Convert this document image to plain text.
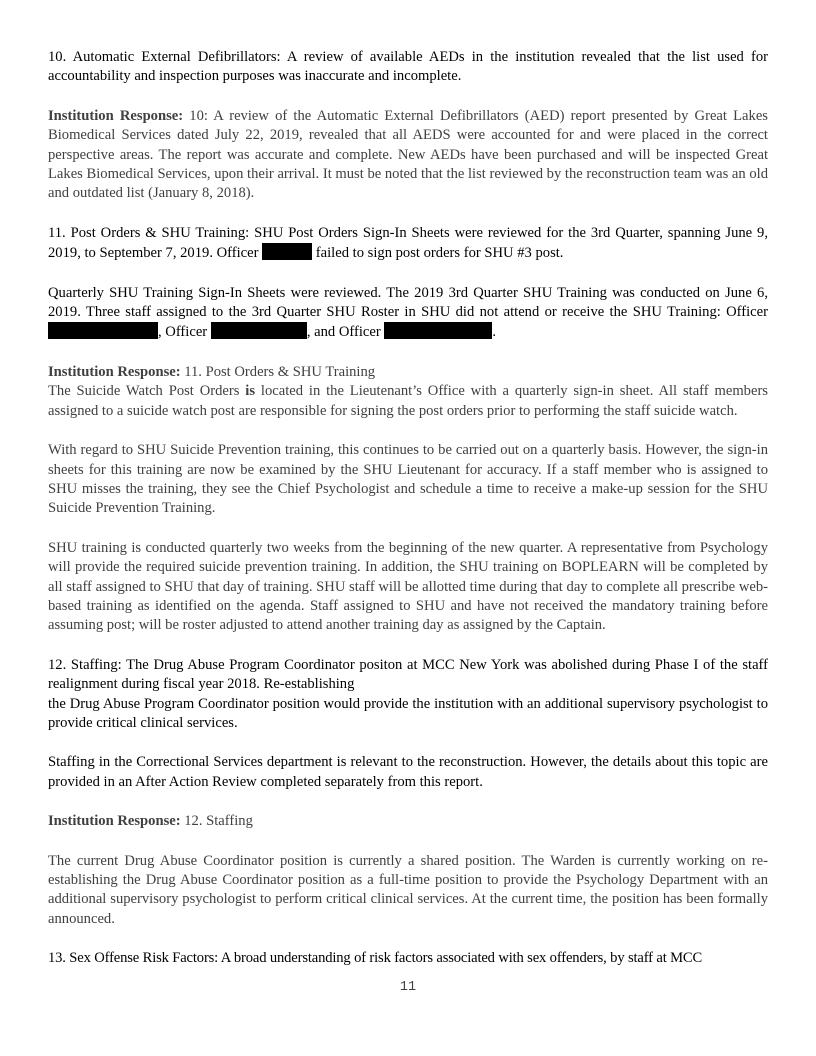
10. Automatic External Defibrillators: A review of available AEDs in the institution revealed that the list used for accountability and inspection purposes was inaccurate and incomplete.

Institution Response: 10: A review of the Automatic External Defibrillators (AED) report presented by Great Lakes Biomedical Services dated July 22, 2019, revealed that all AEDS were accounted for and were placed in the correct perspective areas. The report was accurate and complete. New AEDs have been purchased and will be inspected Great Lakes Biomedical Services, upon their arrival. It must be noted that the list reviewed by the reconstruction team was an old and outdated list (January 8, 2018).

11. Post Orders & SHU Training: SHU Post Orders Sign-In Sheets were reviewed for the 3rd Quarter, spanning June 9, 2019, to September 7, 2019. Officer	failed to sign post orders for SHU #3 post.

Quarterly SHU Training Sign-In Sheets were reviewed. The 2019 3rd Quarter SHU Training was conducted on June 6, 2019. Three staff assigned to the 3rd Quarter SHU Roster in SHU did not attend or receive the SHU Training: Officer , Officer	, and Officer	.

Institution Response: 11. Post Orders & SHU Training

The Suicide Watch Post Orders is located in the Lieutenant’s Office with a quarterly sign-in sheet. All staff members assigned to a suicide watch post are responsible for signing the post orders prior to performing the staff suicide watch.

With regard to SHU Suicide Prevention training, this continues to be carried out on a quarterly basis. However, the sign-in sheets for this training are now be examined by the SHU Lieutenant for accuracy. If a staff member who is assigned to SHU misses the training, they see the Chief Psychologist and schedule a time to receive a make-up session for the SHU Suicide Prevention Training.

SHU training is conducted quarterly two weeks from the beginning of the new quarter. A representative from Psychology will provide the required suicide prevention training. In addition, the SHU training on BOPLEARN will be completed by all staff assigned to SHU that day of training. SHU staff will be allotted time during that day to complete all prescribe web-based training as identified on the agenda. Staff assigned to SHU and have not received the mandatory training before assuming post; will be roster adjusted to attend another training day as assigned by the Captain.

12. Staffing: The Drug Abuse Program Coordinator positon at MCC New York was abolished during Phase I of the staff realignment during fiscal year 2018. Re-establishing

the Drug Abuse Program Coordinator position would provide the institution with an additional supervisory psychologist to provide critical clinical services.

Staffing in the Correctional Services department is relevant to the reconstruction. However, the details about this topic are provided in an After Action Review completed separately from this report.

Institution Response: 12. Staffing

The current Drug Abuse Coordinator position is currently a shared position. The Warden is currently working on re-establishing the Drug Abuse Coordinator position as a full-time position to provide the Psychology Department with an additional supervisory psychologist to perform critical clinical services. At the current time, the position has been formally announced.

13. Sex Offense Risk Factors: A broad understanding of risk factors associated with sex offenders, by staff at MCC

11
